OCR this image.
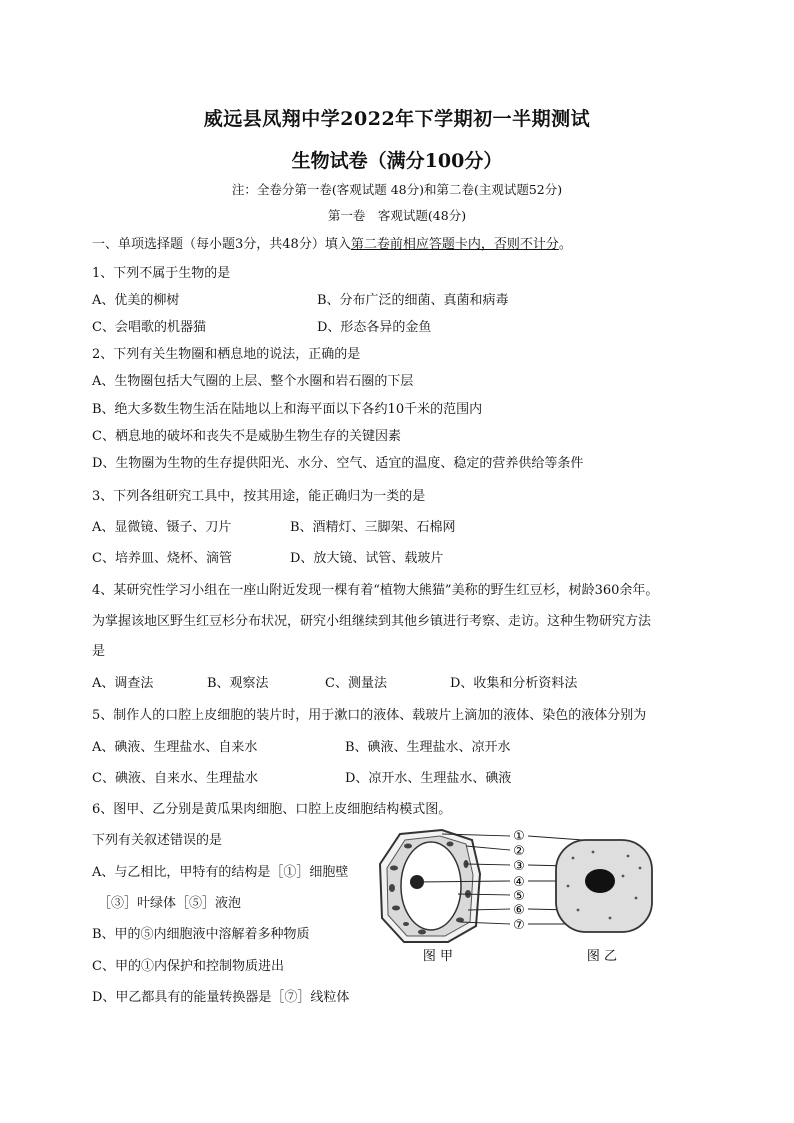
威远县凤翔中学2022年下学期初一半期测试
生物试卷（满分100分）
注：全卷分第一卷(客观试题 48分)和第二卷(主观试题52分)
第一卷　客观试题(48分)
一、单项选择题（每小题3分，共48分）填入第二卷前相应答题卡内，否则不计分。
1、下列不属于生物的是
A、优美的柳树	B、分布广泛的细菌、真菌和病毒
C、会唱歌的机器猫	D、形态各异的金鱼
2、下列有关生物圈和栖息地的说法，正确的是
A、生物圈包括大气圈的上层、整个水圈和岩石圈的下层
B、绝大多数生物生活在陆地以上和海平面以下各约10千米的范围内
C、栖息地的破坏和丧失不是威胁生物生存的关键因素
D、生物圈为生物的生存提供阳光、水分、空气、适宜的温度、稳定的营养供给等条件
3、下列各组研究工具中，按其用途，能正确归为一类的是
A、显微镜、镊子、刀片	B、酒精灯、三脚架、石棉网
C、培养皿、烧杯、滴管	D、放大镜、试管、载玻片
4、某研究性学习小组在一座山附近发现一棵有着“植物大熊猫”美称的野生红豆杉，树龄360余年。
为掌握该地区野生红豆杉分布状况，研究小组继续到其他乡镇进行考察、走访。这种生物研究方法
是
A、调查法	B、观察法	C、测量法	D、收集和分析资料法
5、制作人的口腔上皮细胞的装片时，用于漱口的液体、载玻片上滴加的液体、染色的液体分别为
A、碘液、生理盐水、自来水	B、碘液、生理盐水、凉开水
C、碘液、自来水、生理盐水	D、凉开水、生理盐水、碘液
6、图甲、乙分别是黄瓜果肉细胞、口腔上皮细胞结构模式图。
下列有关叙述错误的是
A、与乙相比，甲特有的结构是［①］细胞壁
［③］叶绿体［⑤］液泡
B、甲的⑤内细胞液中溶解着多种物质
C、甲的①内保护和控制物质进出
D、甲乙都具有的能量转换器是［⑦］线粒体
①
②
③
④
⑤
⑥
⑦
图 甲	图 乙
